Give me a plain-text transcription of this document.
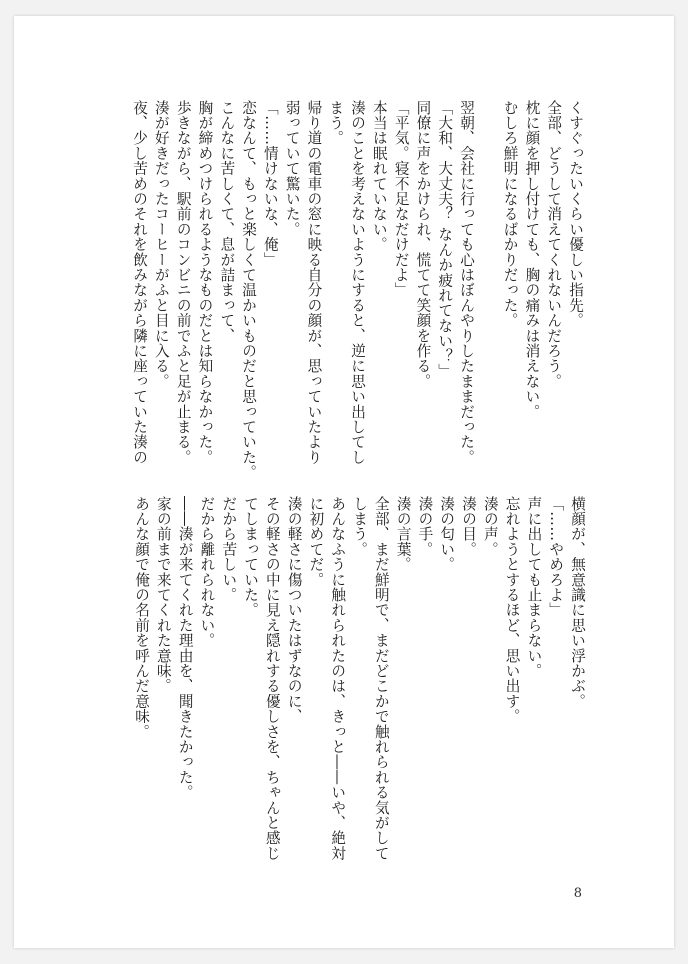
くすぐったいくらい優しい指先。
全部、どうして消えてくれないんだろう。
枕に顔を押し付けても、胸の痛みは消えない。
むしろ鮮明になるばかりだった。

翌朝、会社に行っても心はぼんやりしたままだった。
「大和、大丈夫？ なんか疲れてない？」
同僚に声をかけられ、慌てて笑顔を作る。
「平気。寝不足なだけだよ」
本当は眠れていない。
湊のことを考えないようにすると、逆に思い出してし
まう。
帰り道の電車の窓に映る自分の顔が、思っていたより
弱っていて驚いた。
「……情けないな、俺」
恋なんて、もっと楽しくて温かいものだと思っていた。
こんなに苦しくて、息が詰まって、
胸が締めつけられるようなものだとは知らなかった。
歩きながら、駅前のコンビニの前でふと足が止まる。
湊が好きだったコーヒーがふと目に入る。
夜、少し苦めのそれを飲みながら隣に座っていた湊の
横顔が、無意識に思い浮かぶ。
「……やめろよ」
声に出しても止まらない。
忘れようとするほど、思い出す。
湊の声。
湊の目。
湊の匂い。
湊の手。
湊の言葉。
全部、まだ鮮明で、まだどこかで触れられる気がして
しまう。
あんなふうに触れられたのは、きっと――いや、絶対
に初めてだ。
湊の軽さに傷ついたはずなのに、
その軽さの中に見え隠れする優しさを、ちゃんと感じ
てしまっていた。
だから苦しい。
だから離れられない。
――湊が来てくれた理由を、聞きたかった。
家の前まで来てくれた意味。
あんな顔で俺の名前を呼んだ意味。
8
